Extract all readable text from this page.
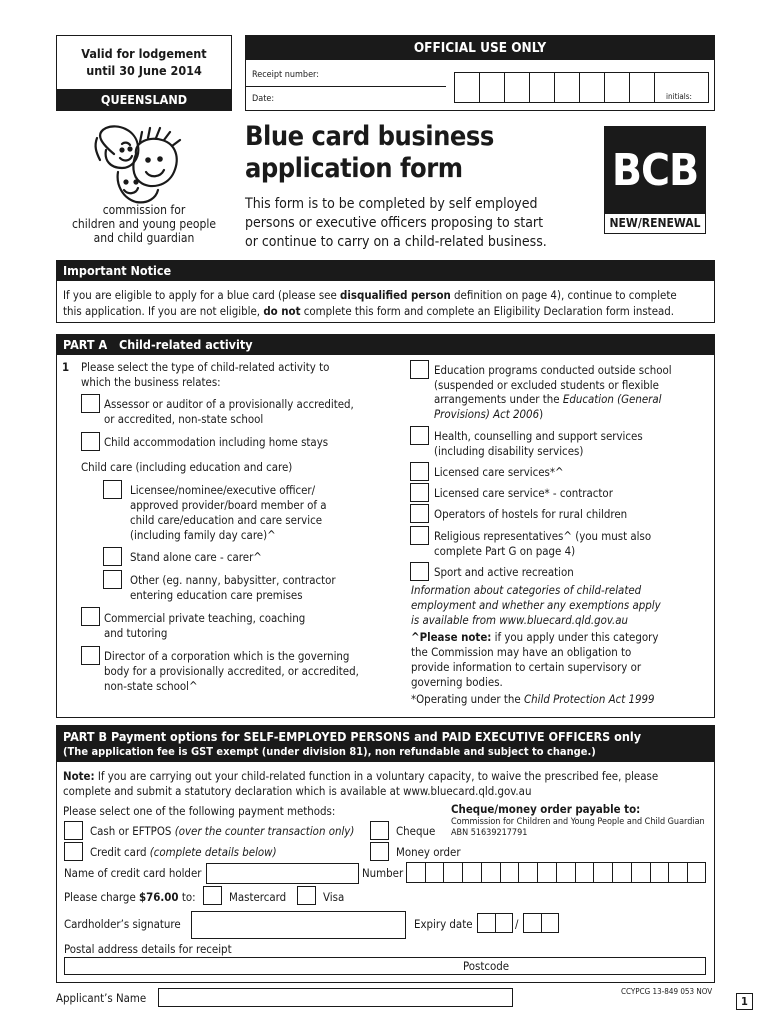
Valid for lodgement
until 30 June 2014
QUEENSLAND
OFFICIAL USE ONLY
Receipt number:
Date:	initials:
commission for
children and young people
and child guardian
Blue card business
application form
This form is to be completed by self employed
persons or executive officers proposing to start
or continue to carry on a child-related business.
BCB
NEW/RENEWAL
Important Notice
If you are eligible to apply for a blue card (please see disqualified person definition on page 4), continue to complete
this application. If you are not eligible, do not complete this form and complete an Eligibility Declaration form instead.
PART A Child-related activity
1 Please select the type of child-related activity to
which the business relates:
Assessor or auditor of a provisionally accredited,
or accredited, non-state school
Child accommodation including home stays
Child care (including education and care)
Licensee/nominee/executive officer/
approved provider/board member of a
child care/education and care service
(including family day care)^
Stand alone care - carer^
Other (eg. nanny, babysitter, contractor
entering education care premises
Commercial private teaching, coaching
and tutoring
Director of a corporation which is the governing
body for a provisionally accredited, or accredited,
non-state school^
Education programs conducted outside school
(suspended or excluded students or flexible
arrangements under the Education (General
Provisions) Act 2006)
Health, counselling and support services
(including disability services)
Licensed care services*^
Licensed care service* - contractor
Operators of hostels for rural children
Religious representatives^ (you must also
complete Part G on page 4)
Sport and active recreation
Information about categories of child-related
employment and whether any exemptions apply
is available from www.bluecard.qld.gov.au
^Please note: if you apply under this category
the Commission may have an obligation to
provide information to certain supervisory or
governing bodies.
*Operating under the Child Protection Act 1999
PART B Payment options for SELF-EMPLOYED PERSONS and PAID EXECUTIVE OFFICERS only
(The application fee is GST exempt (under division 81), non refundable and subject to change.)
Note: If you are carrying out your child-related function in a voluntary capacity, to waive the prescribed fee, please
complete and submit a statutory declaration which is available at www.bluecard.qld.gov.au
Please select one of the following payment methods:
Cash or EFTPOS (over the counter transaction only)
Credit card (complete details below)
Cheque
Money order
Cheque/money order payable to:
Commission for Children and Young People and Child Guardian
ABN 51639217791
Name of credit card holder	Number
Please charge $76.00 to:	Mastercard	Visa
Cardholder’s signature	Expiry date	/
Postal address details for receipt
Postcode
Applicant’s Name	CCYPCG 13-849 053 NOV
1
